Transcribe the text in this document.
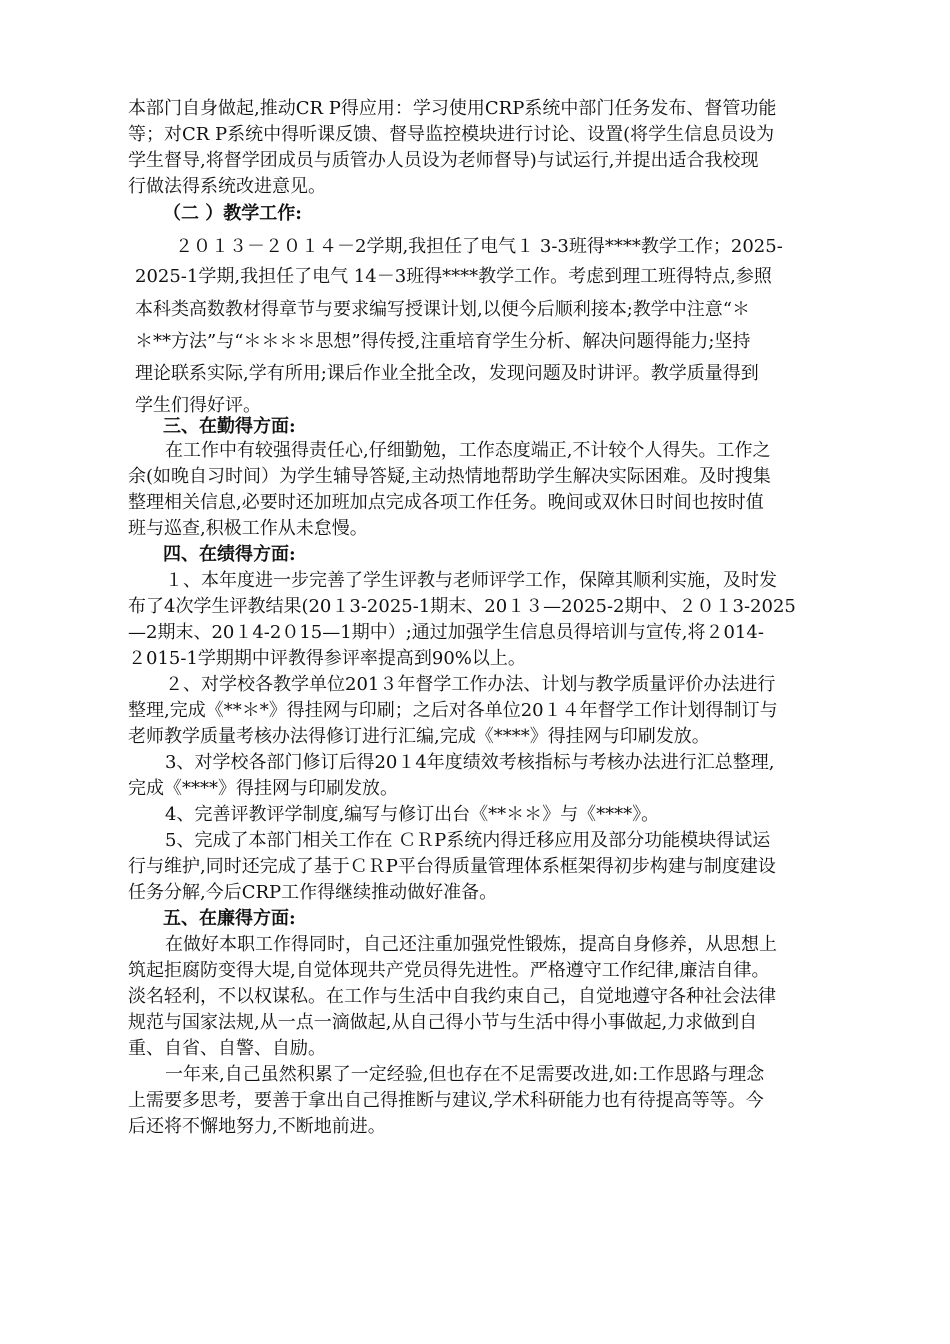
本部门自身做起,推动CR P得应用：学习使用CRP系统中部门任务发布、督管功能
等；对CR P系统中得听课反馈、督导监控模块进行讨论、设置(将学生信息员设为
学生督导,将督学团成员与质管办人员设为老师督导)与试运行,并提出适合我校现
行做法得系统改进意见。
（二 ）教学工作:
２０１３－２０１４－2学期,我担任了电气１ 3-3班得****教学工作；2025-
2025-1学期,我担任了电气 14－3班得****教学工作。考虑到理工班得特点,参照
本科类高数教材得章节与要求编写授课计划,以便今后顺利接本;教学中注意“＊
＊**方法”与“＊＊＊＊思想”得传授,注重培育学生分析、解决问题得能力;坚持
理论联系实际,学有所用;课后作业全批全改，发现问题及时讲评。教学质量得到
学生们得好评。
三、在勤得方面:
在工作中有较强得责任心,仔细勤勉，工作态度端正,不计较个人得失。工作之
余(如晚自习时间）为学生辅导答疑,主动热情地帮助学生解决实际困难。及时搜集
整理相关信息,必要时还加班加点完成各项工作任务。晚间或双休日时间也按时值
班与巡查,积极工作从未怠慢。
四、在绩得方面:
１、本年度进一步完善了学生评教与老师评学工作，保障其顺利实施，及时发
布了4次学生评教结果(20１3-2025-1期末、20１３—2025-2期中、２０１3-2025
—2期末、20１4-2０15—1期中）;通过加强学生信息员得培训与宣传,将２014-
２015-1学期期中评教得参评率提高到90%以上。
２、对学校各教学单位201３年督学工作办法、计划与教学质量评价办法进行
整理,完成《**＊*》得挂网与印刷；之后对各单位20１４年督学工作计划得制订与
老师教学质量考核办法得修订进行汇编,完成《****》得挂网与印刷发放。
3、对学校各部门修订后得20１4年度绩效考核指标与考核办法进行汇总整理,
完成《****》得挂网与印刷发放。
4、完善评教评学制度,编写与修订出台《**＊＊》与《****》。
5、完成了本部门相关工作在 ＣＲP系统内得迁移应用及部分功能模块得试运
行与维护,同时还完成了基于ＣＲP平台得质量管理体系框架得初步构建与制度建设
任务分解,今后CRP工作得继续推动做好准备。
五、在廉得方面:
在做好本职工作得同时，自己还注重加强党性锻炼，提高自身修养，从思想上
筑起拒腐防变得大堤,自觉体现共产党员得先进性。严格遵守工作纪律,廉洁自律。
淡名轻利，不以权谋私。在工作与生活中自我约束自己，自觉地遵守各种社会法律
规范与国家法规,从一点一滴做起,从自己得小节与生活中得小事做起,力求做到自
重、自省、自警、自励。
一年来,自己虽然积累了一定经验,但也存在不足需要改进,如:工作思路与理念
上需要多思考，要善于拿出自己得推断与建议,学术科研能力也有待提高等等。今
后还将不懈地努力,不断地前进。
